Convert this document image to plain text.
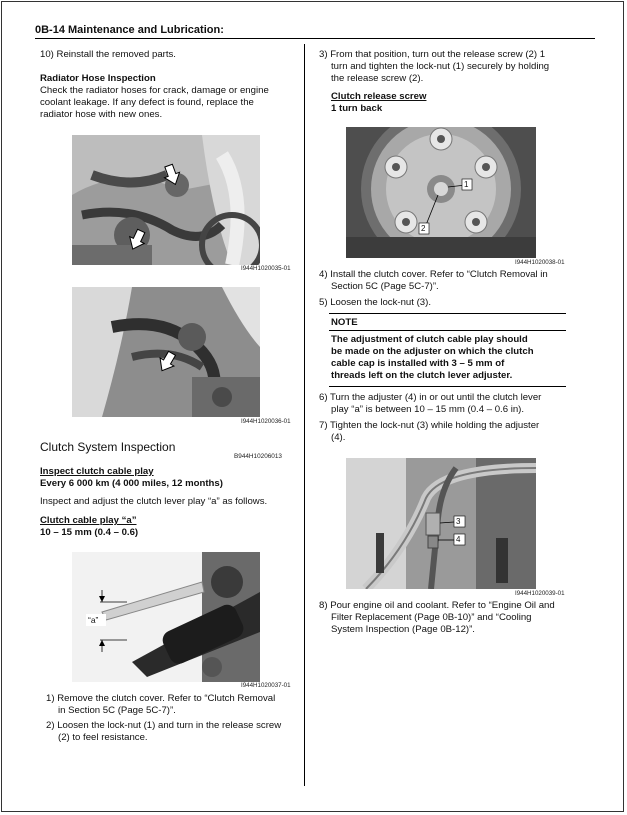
0B-14 Maintenance and Lubrication:
10) Reinstall the removed parts.
Radiator Hose Inspection
Check the radiator hoses for crack, damage or engine
coolant leakage. If any defect is found, replace the
radiator hose with new ones.
I944H1020035-01
I944H1020036-01
Clutch System Inspection
B944H10206013
Inspect clutch cable play
Every 6 000 km (4 000 miles, 12 months)
Inspect and adjust the clutch lever play “a” as follows.
Clutch cable play “a”
10 – 15 mm (0.4 – 0.6)
“a”
I944H1020037-01
1) Remove the clutch cover. Refer to “Clutch Removal
in Section 5C (Page 5C-7)”.
2) Loosen the lock-nut (1) and turn in the release screw
(2) to feel resistance.
3) From that position, turn out the release screw (2) 1
turn and tighten the lock-nut (1) securely by holding
the release screw (2).
Clutch release screw
1 turn back
1
2
I944H1020038-01
4) Install the clutch cover. Refer to “Clutch Removal in
Section 5C (Page 5C-7)”.
5) Loosen the lock-nut (3).
NOTE
The adjustment of clutch cable play should
be made on the adjuster on which the clutch
cable cap is installed with 3 – 5 mm of
threads left on the clutch lever adjuster.
6) Turn the adjuster (4) in or out until the clutch lever
play “a” is between 10 – 15 mm (0.4 – 0.6 in).
7) Tighten the lock-nut (3) while holding the adjuster
(4).
3
4
I944H1020039-01
8) Pour engine oil and coolant. Refer to “Engine Oil and
Filter Replacement (Page 0B-10)” and “Cooling
System Inspection (Page 0B-12)”.
